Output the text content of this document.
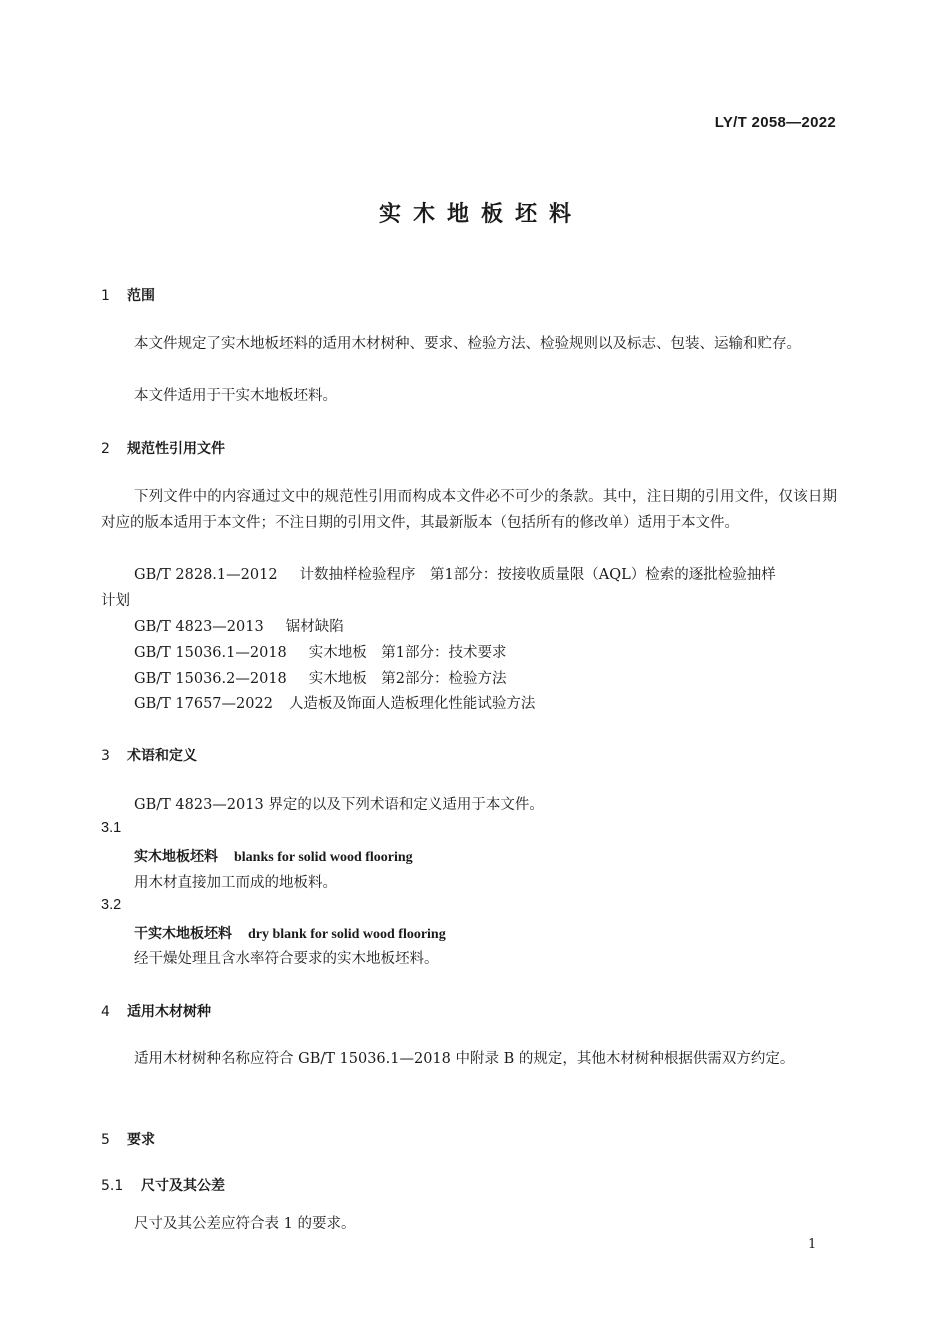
LY/T 2058—2022
实木地板坯料
1 范围
本文件规定了实木地板坯料的适用木材树种、要求、检验方法、检验规则以及标志、包装、运输和贮存。
本文件适用于干实木地板坯料。
2 规范性引用文件
下列文件中的内容通过文中的规范性引用而构成本文件必不可少的条款。其中，注日期的引用文件，仅该日期对应的版本适用于本文件；不注日期的引用文件，其最新版本（包括所有的修改单）适用于本文件。
GB/T 2828.1—2012 计数抽样检验程序　第1部分：按接收质量限（AQL）检索的逐批检验抽样
计划
GB/T 4823—2013 锯材缺陷
GB/T 15036.1—2018 实木地板　第1部分：技术要求
GB/T 15036.2—2018 实木地板　第2部分：检验方法
GB/T 17657—2022 人造板及饰面人造板理化性能试验方法
3 术语和定义
GB/T 4823—2013 界定的以及下列术语和定义适用于本文件。
3.1
实木地板坯料 blanks for solid wood flooring
用木材直接加工而成的地板料。
3.2
干实木地板坯料 dry blank for solid wood flooring
经干燥处理且含水率符合要求的实木地板坯料。
4 适用木材树种
适用木材树种名称应符合 GB/T 15036.1—2018 中附录 B 的规定，其他木材树种根据供需双方约定。
5 要求
5.1 尺寸及其公差
尺寸及其公差应符合表 1 的要求。
1
